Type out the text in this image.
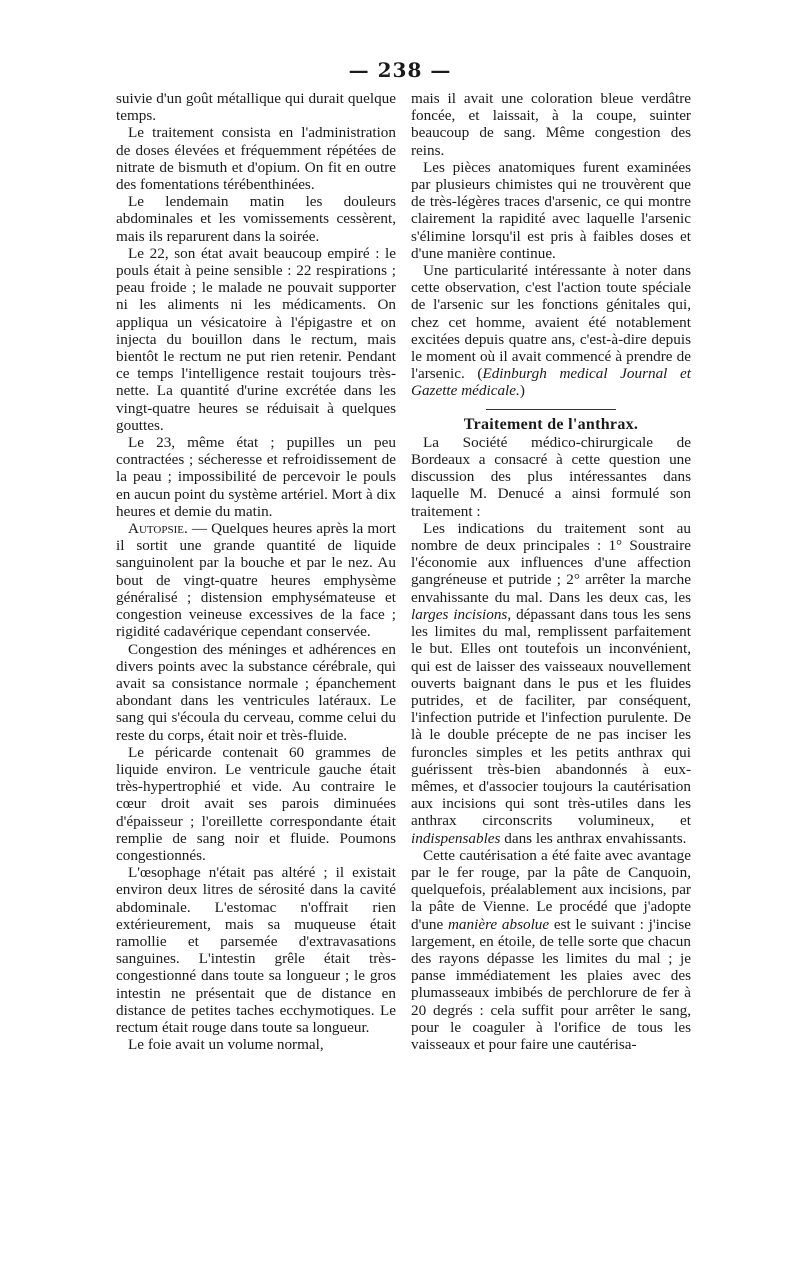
— 238 —

suivie d'un goût métallique qui durait quelque temps.

Le traitement consista en l'administration de doses élevées et fréquemment répétées de nitrate de bismuth et d'opium. On fit en outre des fomentations térébenthinées.

Le lendemain matin les douleurs abdominales et les vomissements cessèrent, mais ils reparurent dans la soirée.

Le 22, son état avait beaucoup empiré : le pouls était à peine sensible : 22 respirations ; peau froide ; le malade ne pouvait supporter ni les aliments ni les médicaments. On appliqua un vésicatoire à l'épigastre et on injecta du bouillon dans le rectum, mais bientôt le rectum ne put rien retenir. Pendant ce temps l'intelligence restait toujours très-nette. La quantité d'urine excrétée dans les vingt-quatre heures se réduisait à quelques gouttes.

Le 23, même état ; pupilles un peu contractées ; sécheresse et refroidissement de la peau ; impossibilité de percevoir le pouls en aucun point du système artériel. Mort à dix heures et demie du matin.

Autopsie. — Quelques heures après la mort il sortit une grande quantité de liquide sanguinolent par la bouche et par le nez. Au bout de vingt-quatre heures emphysème généralisé ; distension emphysémateuse et congestion veineuse excessives de la face ; rigidité cadavérique cependant conservée.

Congestion des méninges et adhérences en divers points avec la substance cérébrale, qui avait sa consistance normale ; épanchement abondant dans les ventricules latéraux. Le sang qui s'écoula du cerveau, comme celui du reste du corps, était noir et très-fluide.

Le péricarde contenait 60 grammes de liquide environ. Le ventricule gauche était très-hypertrophié et vide. Au contraire le cœur droit avait ses parois diminuées d'épaisseur ; l'oreillette correspondante était remplie de sang noir et fluide. Poumons congestionnés.

L'œsophage n'était pas altéré ; il existait environ deux litres de sérosité dans la cavité abdominale. L'estomac n'offrait rien extérieurement, mais sa muqueuse était ramollie et parsemée d'extravasations sanguines. L'intestin grêle était très-congestionné dans toute sa longueur ; le gros intestin ne présentait que de distance en distance de petites taches ecchymotiques. Le rectum était rouge dans toute sa longueur.

Le foie avait un volume normal,

mais il avait une coloration bleue verdâtre foncée, et laissait, à la coupe, suinter beaucoup de sang. Même congestion des reins.

Les pièces anatomiques furent examinées par plusieurs chimistes qui ne trouvèrent que de très-légères traces d'arsenic, ce qui montre clairement la rapidité avec laquelle l'arsenic s'élimine lorsqu'il est pris à faibles doses et d'une manière continue.

Une particularité intéressante à noter dans cette observation, c'est l'action toute spéciale de l'arsenic sur les fonctions génitales qui, chez cet homme, avaient été notablement excitées depuis quatre ans, c'est-à-dire depuis le moment où il avait commencé à prendre de l'arsenic. (Edinburgh medical Journal et Gazette médicale.)

Traitement de l'anthrax.

La Société médico-chirurgicale de Bordeaux a consacré à cette question une discussion des plus intéressantes dans laquelle M. Denucé a ainsi formulé son traitement :

Les indications du traitement sont au nombre de deux principales : 1° Soustraire l'économie aux influences d'une affection gangréneuse et putride ; 2° arrêter la marche envahissante du mal. Dans les deux cas, les larges incisions, dépassant dans tous les sens les limites du mal, remplissent parfaitement le but. Elles ont toutefois un inconvénient, qui est de laisser des vaisseaux nouvellement ouverts baignant dans le pus et les fluides putrides, et de faciliter, par conséquent, l'infection putride et l'infection purulente. De là le double précepte de ne pas inciser les furoncles simples et les petits anthrax qui guérissent très-bien abandonnés à eux-mêmes, et d'associer toujours la cautérisation aux incisions qui sont très-utiles dans les anthrax circonscrits volumineux, et indispensables dans les anthrax envahissants.

Cette cautérisation a été faite avec avantage par le fer rouge, par la pâte de Canquoin, quelquefois, préalablement aux incisions, par la pâte de Vienne. Le procédé que j'adopte d'une manière absolue est le suivant : j'incise largement, en étoile, de telle sorte que chacun des rayons dépasse les limites du mal ; je panse immédiatement les plaies avec des plumasseaux imbibés de perchlorure de fer à 20 degrés : cela suffit pour arrêter le sang, pour le coaguler à l'orifice de tous les vaisseaux et pour faire une cautérisa-
